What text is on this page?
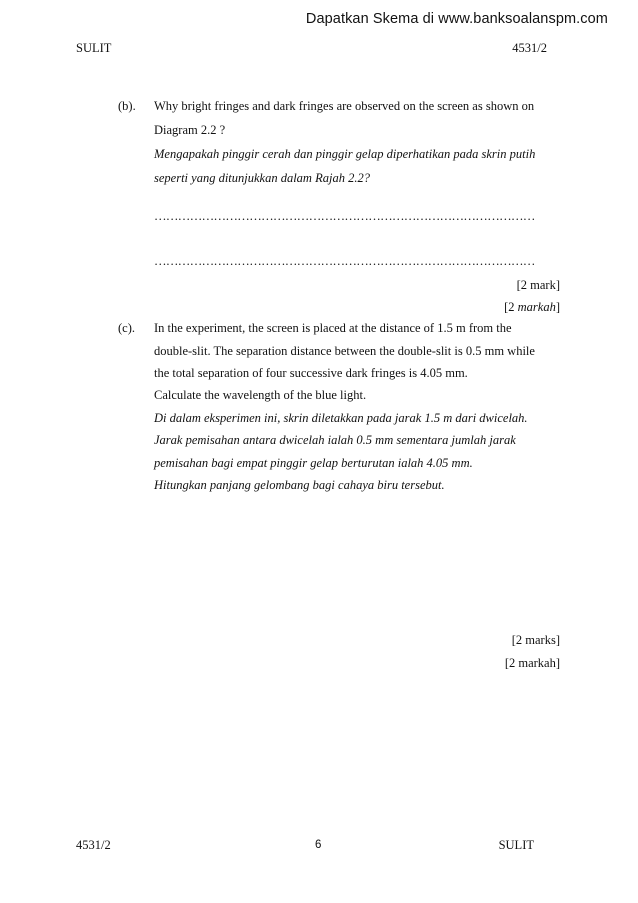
Dapatkan Skema di www.banksoalanspm.com
SULIT	4531/2
(b). Why bright fringes and dark fringes are observed on the screen as shown on
Diagram 2.2 ?
Mengapakah pinggir cerah dan pinggir gelap diperhatikan pada skrin putih
seperti yang ditunjukkan dalam Rajah 2.2?
……………………………………………………………………………………
……………………………………………………………………………………
[2 mark]
[2 markah]
(c). In the experiment, the screen is placed at the distance of 1.5 m from the
double-slit. The separation distance between the double-slit is 0.5 mm while
the total separation of four successive dark fringes is 4.05 mm.
Calculate the wavelength of the blue light.
Di dalam eksperimen ini, skrin diletakkan pada jarak 1.5 m dari dwicelah.
Jarak pemisahan antara dwicelah ialah 0.5 mm sementara jumlah jarak
pemisahan bagi empat pinggir gelap berturutan ialah 4.05 mm.
Hitungkan panjang gelombang bagi cahaya biru tersebut.
[2 marks]
[2 markah]
4531/2	6	SULIT
